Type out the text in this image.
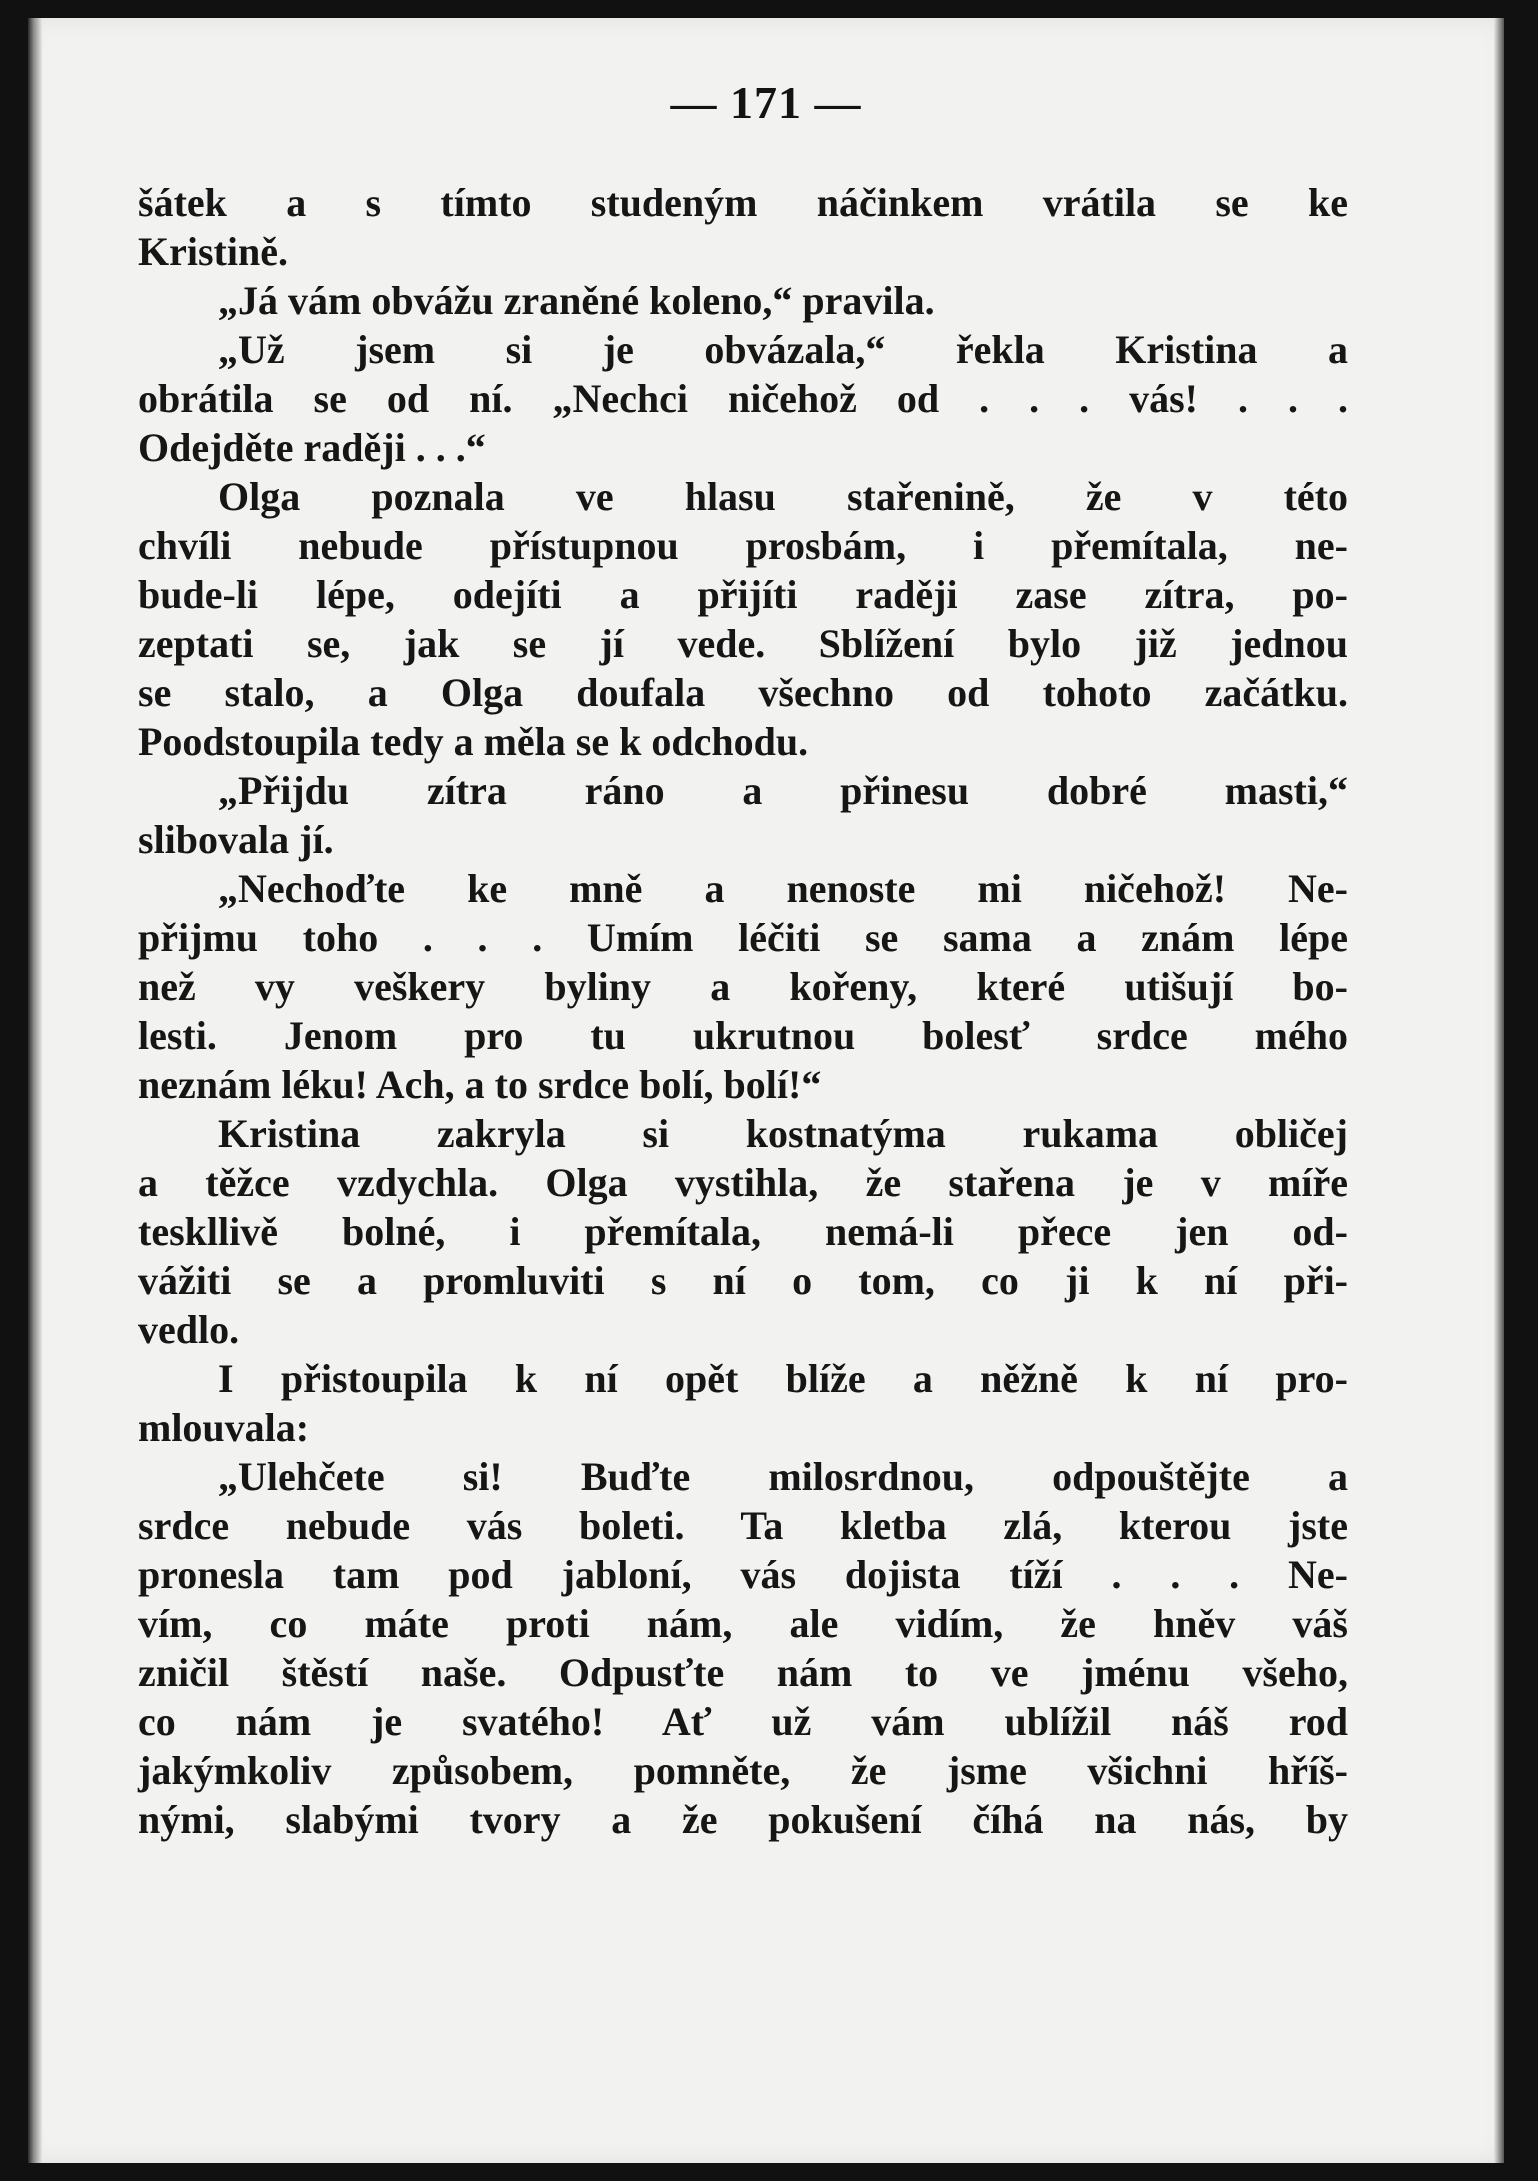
— 171 —
šátek a s tímto studeným náčinkem vrátila se ke
Kristině.
„Já vám obvážu zraněné koleno,“ pravila.
„Už jsem si je obvázala,“ řekla Kristina a
obrátila se od ní. „Nechci ničehož od . . . vás! . . .
Odejděte raději . . .“
Olga poznala ve hlasu stařenině, že v této
chvíli nebude přístupnou prosbám, i přemítala, ne-
bude-li lépe, odejíti a přijíti raději zase zítra, po-
zeptati se, jak se jí vede. Sblížení bylo již jednou
se stalo, a Olga doufala všechno od tohoto začátku.
Poodstoupila tedy a měla se k odchodu.
„Přijdu zítra ráno a přinesu dobré masti,“
slibovala jí.
„Nechoďte ke mně a nenoste mi ničehož! Ne-
přijmu toho . . . Umím léčiti se sama a znám lépe
než vy veškery byliny a kořeny, které utišují bo-
lesti. Jenom pro tu ukrutnou bolesť srdce mého
neznám léku! Ach, a to srdce bolí, bolí!“
Kristina zakryla si kostnatýma rukama obličej
a těžce vzdychla. Olga vystihla, že stařena je v míře
teskllivě bolné, i přemítala, nemá-li přece jen od-
vážiti se a promluviti s ní o tom, co ji k ní při-
vedlo.
I přistoupila k ní opět blíže a něžně k ní pro-
mlouvala:
„Ulehčete si! Buďte milosrdnou, odpouštějte a
srdce nebude vás boleti. Ta kletba zlá, kterou jste
pronesla tam pod jabloní, vás dojista tíží . . . Ne-
vím, co máte proti nám, ale vidím, že hněv váš
zničil štěstí naše. Odpusťte nám to ve jménu všeho,
co nám je svatého! Ať už vám ublížil náš rod
jakýmkoliv způsobem, pomněte, že jsme všichni hříš-
nými, slabými tvory a že pokušení číhá na nás, by
